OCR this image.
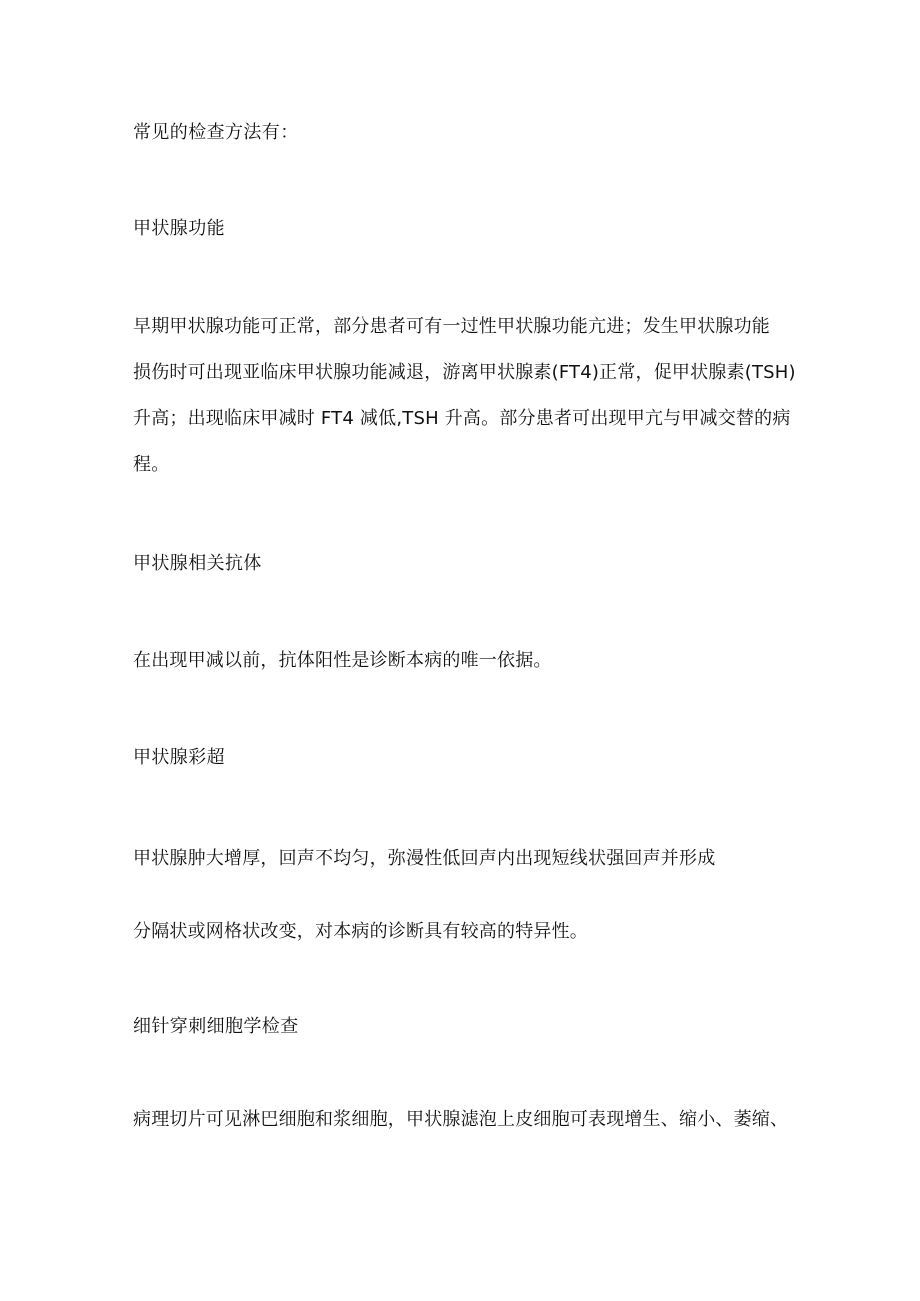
常见的检查方法有：
甲状腺功能
早期甲状腺功能可正常，部分患者可有一过性甲状腺功能亢进；发生甲状腺功能
损伤时可出现亚临床甲状腺功能减退，游离甲状腺素(FT4)正常，促甲状腺素(TSH)
升高；出现临床甲减时 FT4 减低,TSH 升高。部分患者可出现甲亢与甲减交替的病
程。
甲状腺相关抗体
在出现甲减以前，抗体阳性是诊断本病的唯一依据。
甲状腺彩超
甲状腺肿大增厚，回声不均匀，弥漫性低回声内出现短线状强回声并形成
分隔状或网格状改变，对本病的诊断具有较高的特异性。
细针穿刺细胞学检查
病理切片可见淋巴细胞和浆细胞，甲状腺滤泡上皮细胞可表现增生、缩小、萎缩、
